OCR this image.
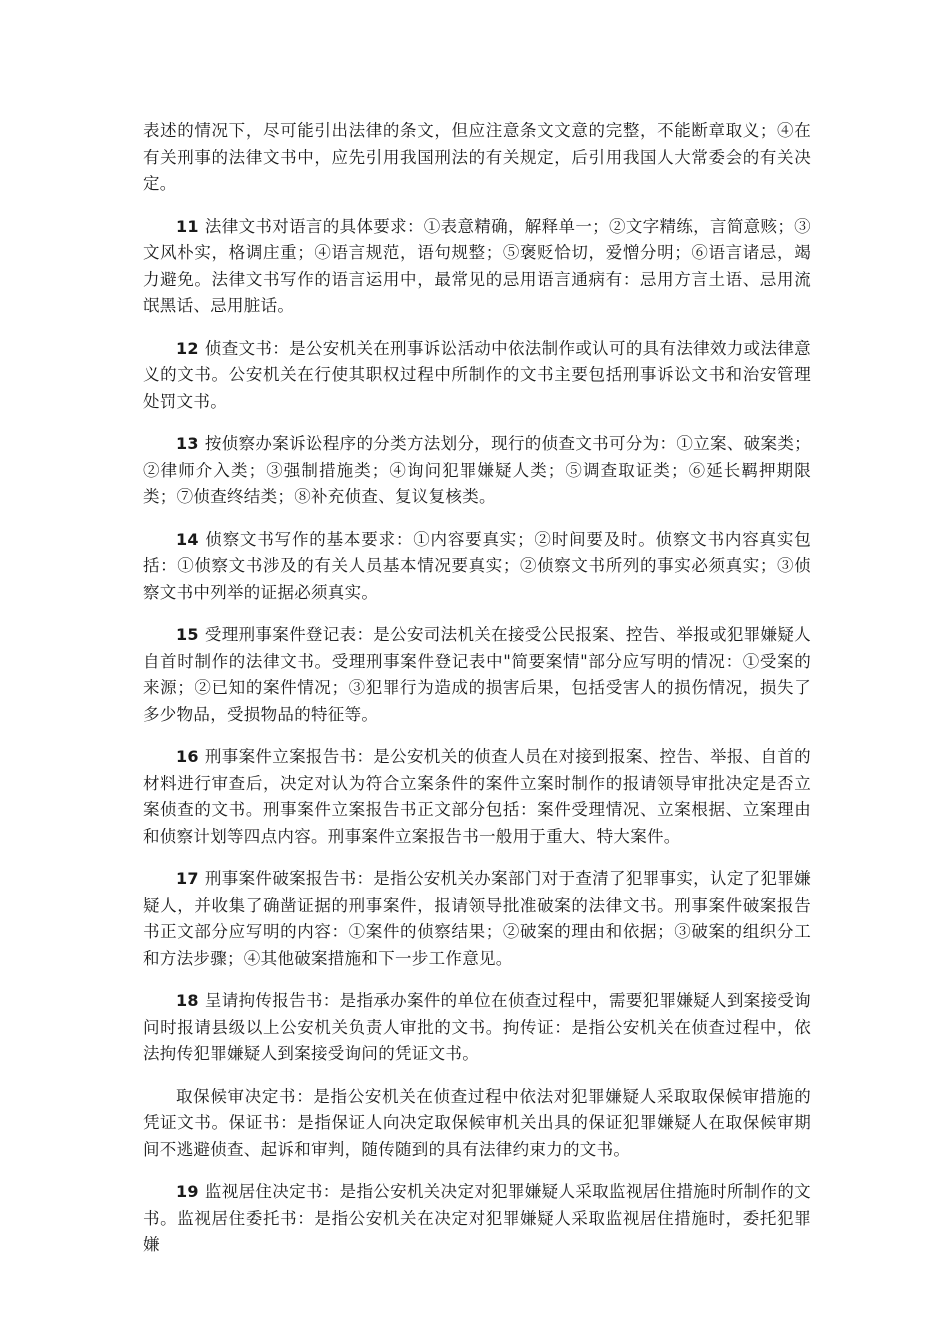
表述的情况下，尽可能引出法律的条文，但应注意条文文意的完整，不能断章取义；④在有关刑事的法律文书中，应先引用我国刑法的有关规定，后引用我国人大常委会的有关决定。

11 法律文书对语言的具体要求：①表意精确，解释单一；②文字精练，言简意赅；③文风朴实，格调庄重；④语言规范，语句规整；⑤褒贬恰切，爱憎分明；⑥语言诸忌，竭力避免。法律文书写作的语言运用中，最常见的忌用语言通病有：忌用方言土语、忌用流氓黑话、忌用脏话。

12 侦查文书：是公安机关在刑事诉讼活动中依法制作或认可的具有法律效力或法律意义的文书。公安机关在行使其职权过程中所制作的文书主要包括刑事诉讼文书和治安管理处罚文书。

13 按侦察办案诉讼程序的分类方法划分，现行的侦查文书可分为：①立案、破案类；②律师介入类；③强制措施类；④询问犯罪嫌疑人类；⑤调查取证类；⑥延长羁押期限类；⑦侦查终结类；⑧补充侦查、复议复核类。

14 侦察文书写作的基本要求：①内容要真实；②时间要及时。侦察文书内容真实包括：①侦察文书涉及的有关人员基本情况要真实；②侦察文书所列的事实必须真实；③侦察文书中列举的证据必须真实。

15 受理刑事案件登记表：是公安司法机关在接受公民报案、控告、举报或犯罪嫌疑人自首时制作的法律文书。受理刑事案件登记表中"简要案情"部分应写明的情况：①受案的来源；②已知的案件情况；③犯罪行为造成的损害后果，包括受害人的损伤情况，损失了多少物品，受损物品的特征等。

16 刑事案件立案报告书：是公安机关的侦查人员在对接到报案、控告、举报、自首的材料进行审查后，决定对认为符合立案条件的案件立案时制作的报请领导审批决定是否立案侦查的文书。刑事案件立案报告书正文部分包括：案件受理情况、立案根据、立案理由和侦察计划等四点内容。刑事案件立案报告书一般用于重大、特大案件。

17 刑事案件破案报告书：是指公安机关办案部门对于查清了犯罪事实，认定了犯罪嫌疑人，并收集了确凿证据的刑事案件，报请领导批准破案的法律文书。刑事案件破案报告书正文部分应写明的内容：①案件的侦察结果；②破案的理由和依据；③破案的组织分工和方法步骤；④其他破案措施和下一步工作意见。

18 呈请拘传报告书：是指承办案件的单位在侦查过程中，需要犯罪嫌疑人到案接受询问时报请县级以上公安机关负责人审批的文书。拘传证：是指公安机关在侦查过程中，依法拘传犯罪嫌疑人到案接受询问的凭证文书。

取保候审决定书：是指公安机关在侦查过程中依法对犯罪嫌疑人采取取保候审措施的凭证文书。保证书：是指保证人向决定取保候审机关出具的保证犯罪嫌疑人在取保候审期间不逃避侦查、起诉和审判，随传随到的具有法律约束力的文书。

19 监视居住决定书：是指公安机关决定对犯罪嫌疑人采取监视居住措施时所制作的文书。监视居住委托书：是指公安机关在决定对犯罪嫌疑人采取监视居住措施时，委托犯罪嫌
